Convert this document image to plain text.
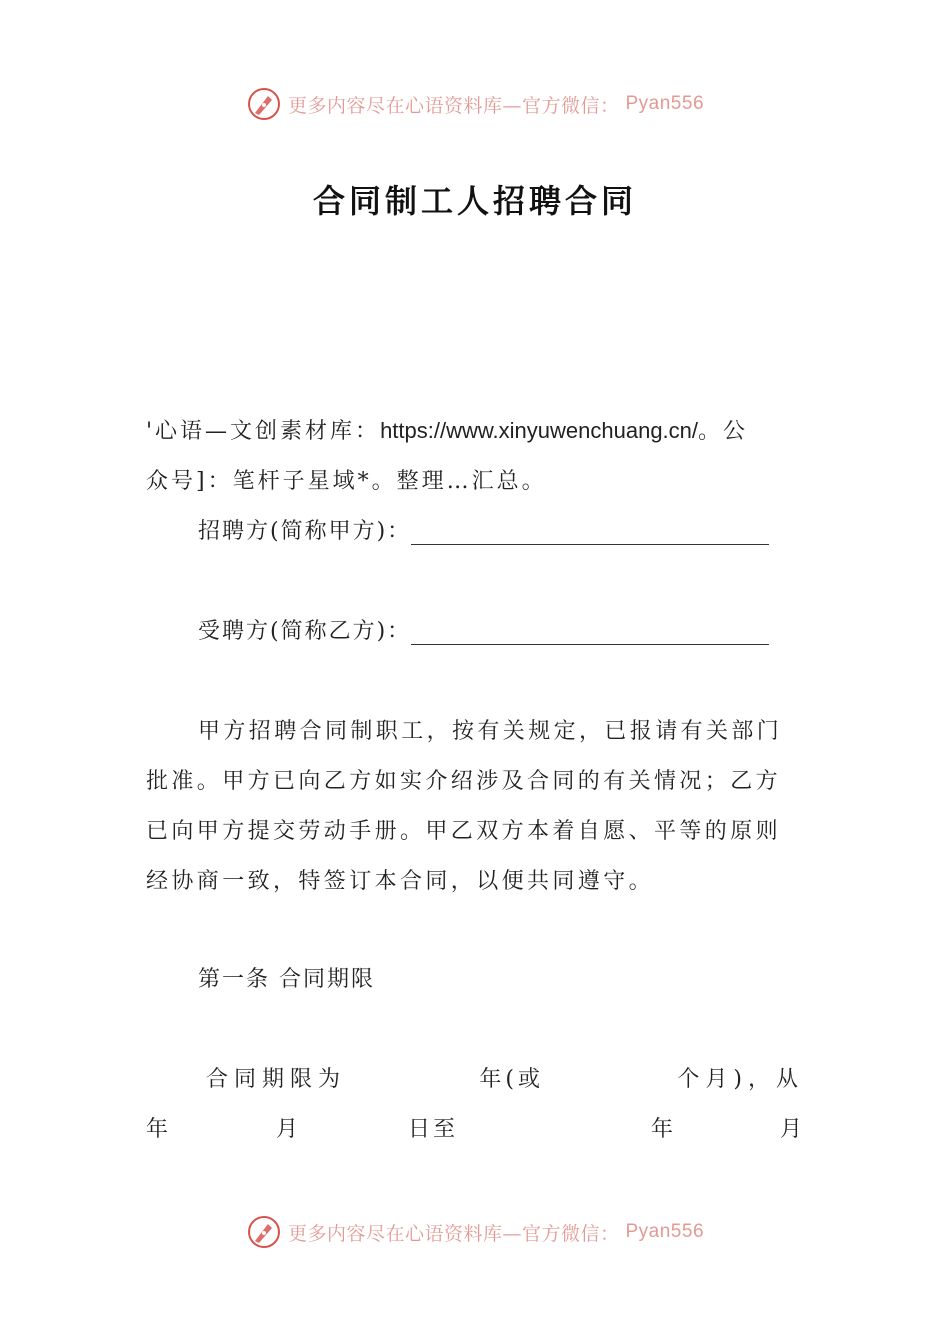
更多内容尽在心语资料库—官方微信： Pyan556
合同制工人招聘合同
'心语—文创素材库：https://www.xinyuwenchuang.cn/。公
众号]：笔杆子星域*。整理…汇总。
招聘方(简称甲方)：
受聘方(简称乙方)：
甲方招聘合同制职工，按有关规定，已报请有关部门
批准。甲方已向乙方如实介绍涉及合同的有关情况；乙方
已向甲方提交劳动手册。甲乙双方本着自愿、平等的原则
经协商一致，特签订本合同，以便共同遵守。
第一条 合同期限
合同期限为	年(或	个月)，从
年	月	日至	年	月
更多内容尽在心语资料库—官方微信： Pyan556
